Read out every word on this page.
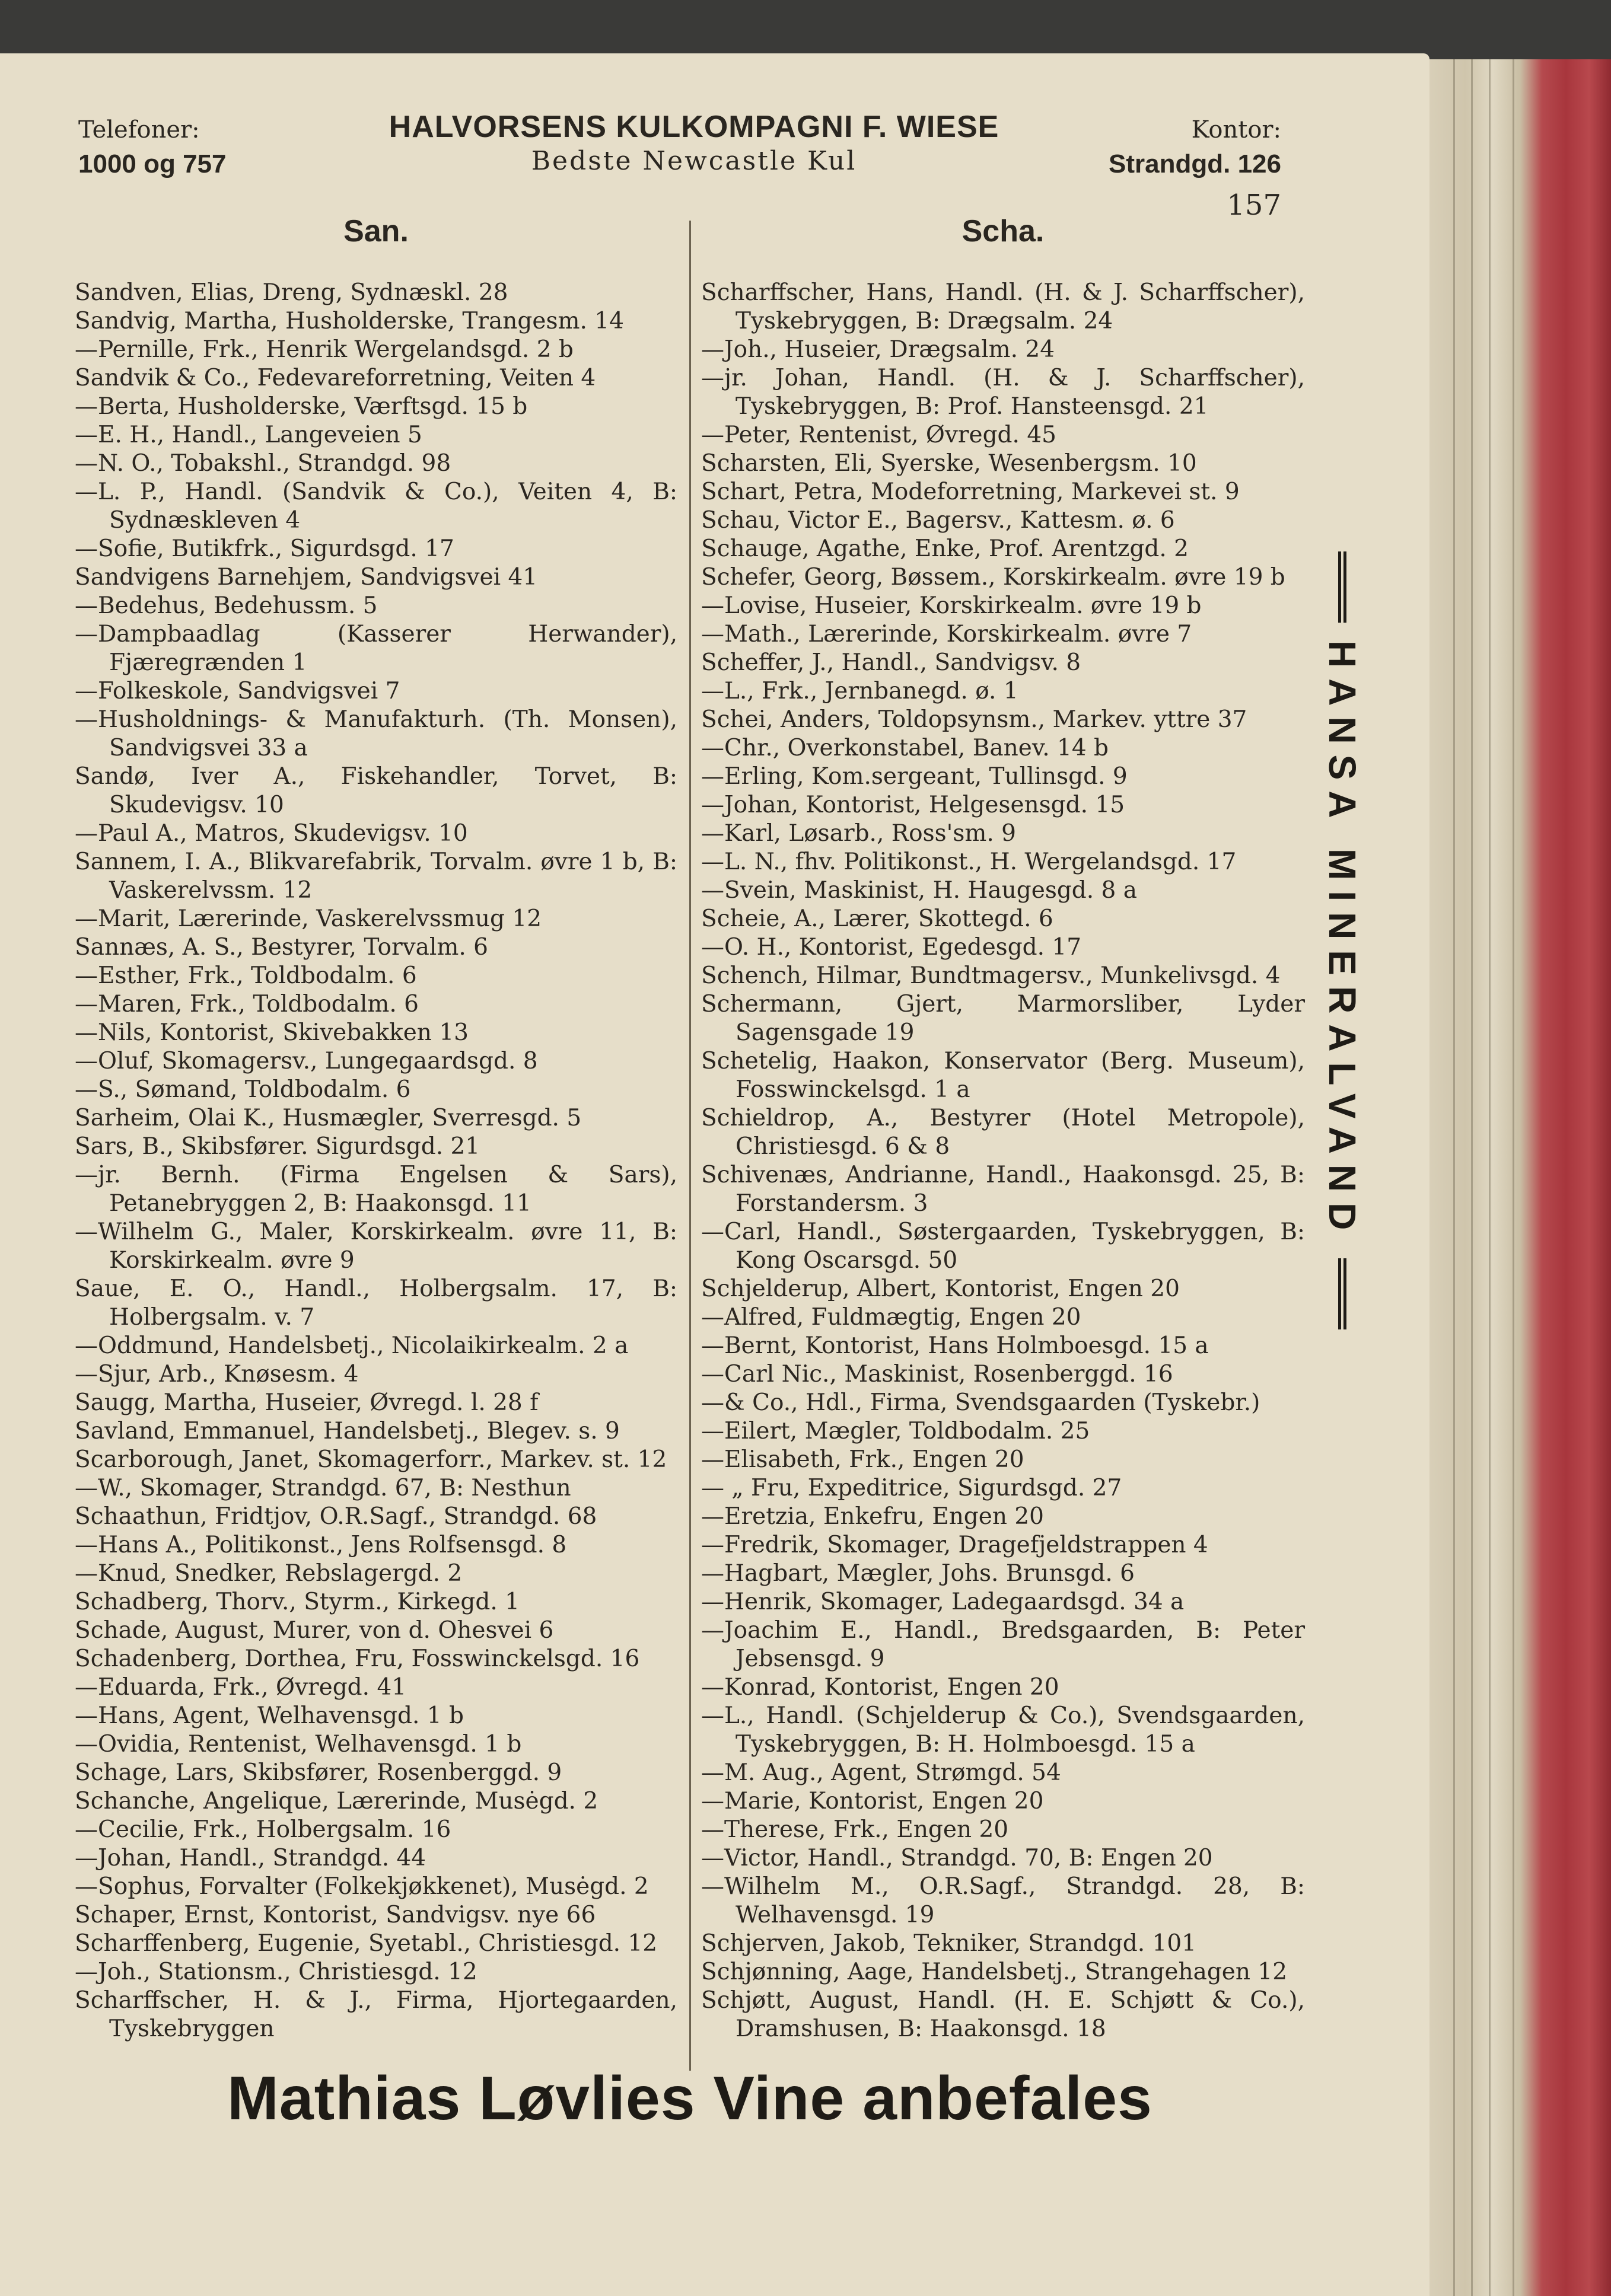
Telefoner:
1000 og 757
HALVORSENS KULKOMPAGNI F. WIESE
Bedste Newcastle Kul
Kontor:
Strandgd. 126
157
San.	Scha.

Sandven, Elias, Dreng, Sydnæskl. 28

Sandvig, Martha, Husholderske, Trangesm. 14

—Pernille, Frk., Henrik Wergelandsgd. 2 b

Sandvik & Co., Fedevareforretning, Veiten 4

—Berta, Husholderske, Værftsgd. 15 b

—E. H., Handl., Langeveien 5

—N. O., Tobakshl., Strandgd. 98

—L. P., Handl. (Sandvik & Co.), Veiten 4, B: Sydnæskleven 4

—Sofie, Butikfrk., Sigurdsgd. 17

Sandvigens Barnehjem, Sandvigsvei 41

—Bedehus, Bedehussm. 5

—Dampbaadlag (Kasserer Herwander), Fjæregrænden 1

—Folkeskole, Sandvigsvei 7

—Husholdnings- & Manufakturh. (Th. Monsen), Sandvigsvei 33 a

Sandø, Iver A., Fiskehandler, Torvet, B: Skudevigsv. 10

—Paul A., Matros, Skudevigsv. 10

Sannem, I. A., Blikvarefabrik, Torvalm. øvre 1 b, B: Vaskerelvssm. 12

—Marit, Lærerinde, Vaskerelvssmug 12

Sannæs, A. S., Bestyrer, Torvalm. 6

—Esther, Frk., Toldbodalm. 6

—Maren, Frk., Toldbodalm. 6

—Nils, Kontorist, Skivebakken 13

—Oluf, Skomagersv., Lungegaardsgd. 8

—S., Sømand, Toldbodalm. 6

Sarheim, Olai K., Husmægler, Sverresgd. 5

Sars, B., Skibsfører. Sigurdsgd. 21

—jr. Bernh. (Firma Engelsen & Sars), Petanebryggen 2, B: Haakonsgd. 11

—Wilhelm G., Maler, Korskirkealm. øvre 11, B: Korskirkealm. øvre 9

Saue, E. O., Handl., Holbergsalm. 17, B: Holbergsalm. v. 7

—Oddmund, Handelsbetj., Nicolaikirkealm. 2 a

—Sjur, Arb., Knøsesm. 4

Saugg, Martha, Huseier, Øvregd. l. 28 f

Savland, Emmanuel, Handelsbetj., Blegev. s. 9

Scarborough, Janet, Skomagerforr., Markev. st. 12

—W., Skomager, Strandgd. 67, B: Nesthun

Schaathun, Fridtjov, O.R.Sagf., Strandgd. 68

—Hans A., Politikonst., Jens Rolfsensgd. 8

—Knud, Snedker, Rebslagergd. 2

Schadberg, Thorv., Styrm., Kirkegd. 1

Schade, August, Murer, von d. Ohesvei 6

Schadenberg, Dorthea, Fru, Fosswinckelsgd. 16

—Eduarda, Frk., Øvregd. 41

—Hans, Agent, Welhavensgd. 1 b

—Ovidia, Rentenist, Welhavensgd. 1 b

Schage, Lars, Skibsfører, Rosenberggd. 9

Schanche, Angelique, Lærerinde, Musėgd. 2

—Cecilie, Frk., Holbergsalm. 16

—Johan, Handl., Strandgd. 44

—Sophus, Forvalter (Folkekjøkkenet), Musėgd. 2

Schaper, Ernst, Kontorist, Sandvigsv. nye 66

Scharffenberg, Eugenie, Syetabl., Christiesgd. 12

—Joh., Stationsm., Christiesgd. 12

Scharffscher, H. & J., Firma, Hjortegaarden, Tyskebryggen

Scharffscher, Hans, Handl. (H. & J. Scharffscher), Tyskebryggen, B: Drægsalm. 24

—Joh., Huseier, Drægsalm. 24

—jr. Johan, Handl. (H. & J. Scharffscher), Tyskebryggen, B: Prof. Hansteensgd. 21

—Peter, Rentenist, Øvregd. 45

Scharsten, Eli, Syerske, Wesenbergsm. 10

Schart, Petra, Modeforretning, Markevei st. 9

Schau, Victor E., Bagersv., Kattesm. ø. 6

Schauge, Agathe, Enke, Prof. Arentzgd. 2

Schefer, Georg, Bøssem., Korskirkealm. øvre 19 b

—Lovise, Huseier, Korskirkealm. øvre 19 b

—Math., Lærerinde, Korskirkealm. øvre 7

Scheffer, J., Handl., Sandvigsv. 8

—L., Frk., Jernbanegd. ø. 1

Schei, Anders, Toldopsynsm., Markev. yttre 37

—Chr., Overkonstabel, Banev. 14 b

—Erling, Kom.sergeant, Tullinsgd. 9

—Johan, Kontorist, Helgesensgd. 15

—Karl, Løsarb., Ross'sm. 9

—L. N., fhv. Politikonst., H. Wergelandsgd. 17

—Svein, Maskinist, H. Haugesgd. 8 a

Scheie, A., Lærer, Skottegd. 6

—O. H., Kontorist, Egedesgd. 17

Schench, Hilmar, Bundtmagersv., Munkelivsgd. 4

Schermann, Gjert, Marmorsliber, Lyder Sagensgade 19

Schetelig, Haakon, Konservator (Berg. Museum), Fosswinckelsgd. 1 a

Schieldrop, A., Bestyrer (Hotel Metropole), Christiesgd. 6 & 8

Schivenæs, Andrianne, Handl., Haakonsgd. 25, B: Forstandersm. 3

—Carl, Handl., Søstergaarden, Tyskebryggen, B: Kong Oscarsgd. 50

Schjelderup, Albert, Kontorist, Engen 20

—Alfred, Fuldmægtig, Engen 20

—Bernt, Kontorist, Hans Holmboesgd. 15 a

—Carl Nic., Maskinist, Rosenberggd. 16

—& Co., Hdl., Firma, Svendsgaarden (Tyskebr.)

—Eilert, Mægler, Toldbodalm. 25

—Elisabeth, Frk., Engen 20

— „ Fru, Expeditrice, Sigurdsgd. 27

—Eretzia, Enkefru, Engen 20

—Fredrik, Skomager, Dragefjeldstrappen 4

—Hagbart, Mægler, Johs. Brunsgd. 6

—Henrik, Skomager, Ladegaardsgd. 34 a

—Joachim E., Handl., Bredsgaarden, B: Peter Jebsensgd. 9

—Konrad, Kontorist, Engen 20

—L., Handl. (Schjelderup & Co.), Svendsgaarden, Tyskebryggen, B: H. Holmboesgd. 15 a

—M. Aug., Agent, Strømgd. 54

—Marie, Kontorist, Engen 20

—Therese, Frk., Engen 20

—Victor, Handl., Strandgd. 70, B: Engen 20

—Wilhelm M., O.R.Sagf., Strandgd. 28, B: Welhavensgd. 19

Schjerven, Jakob, Tekniker, Strandgd. 101

Schjønning, Aage, Handelsbetj., Strangehagen 12

Schjøtt, August, Handl. (H. E. Schjøtt & Co.), Dramshusen, B: Haakonsgd. 18

HANSA MINERALVAND
Mathias Løvlies Vine anbefales
